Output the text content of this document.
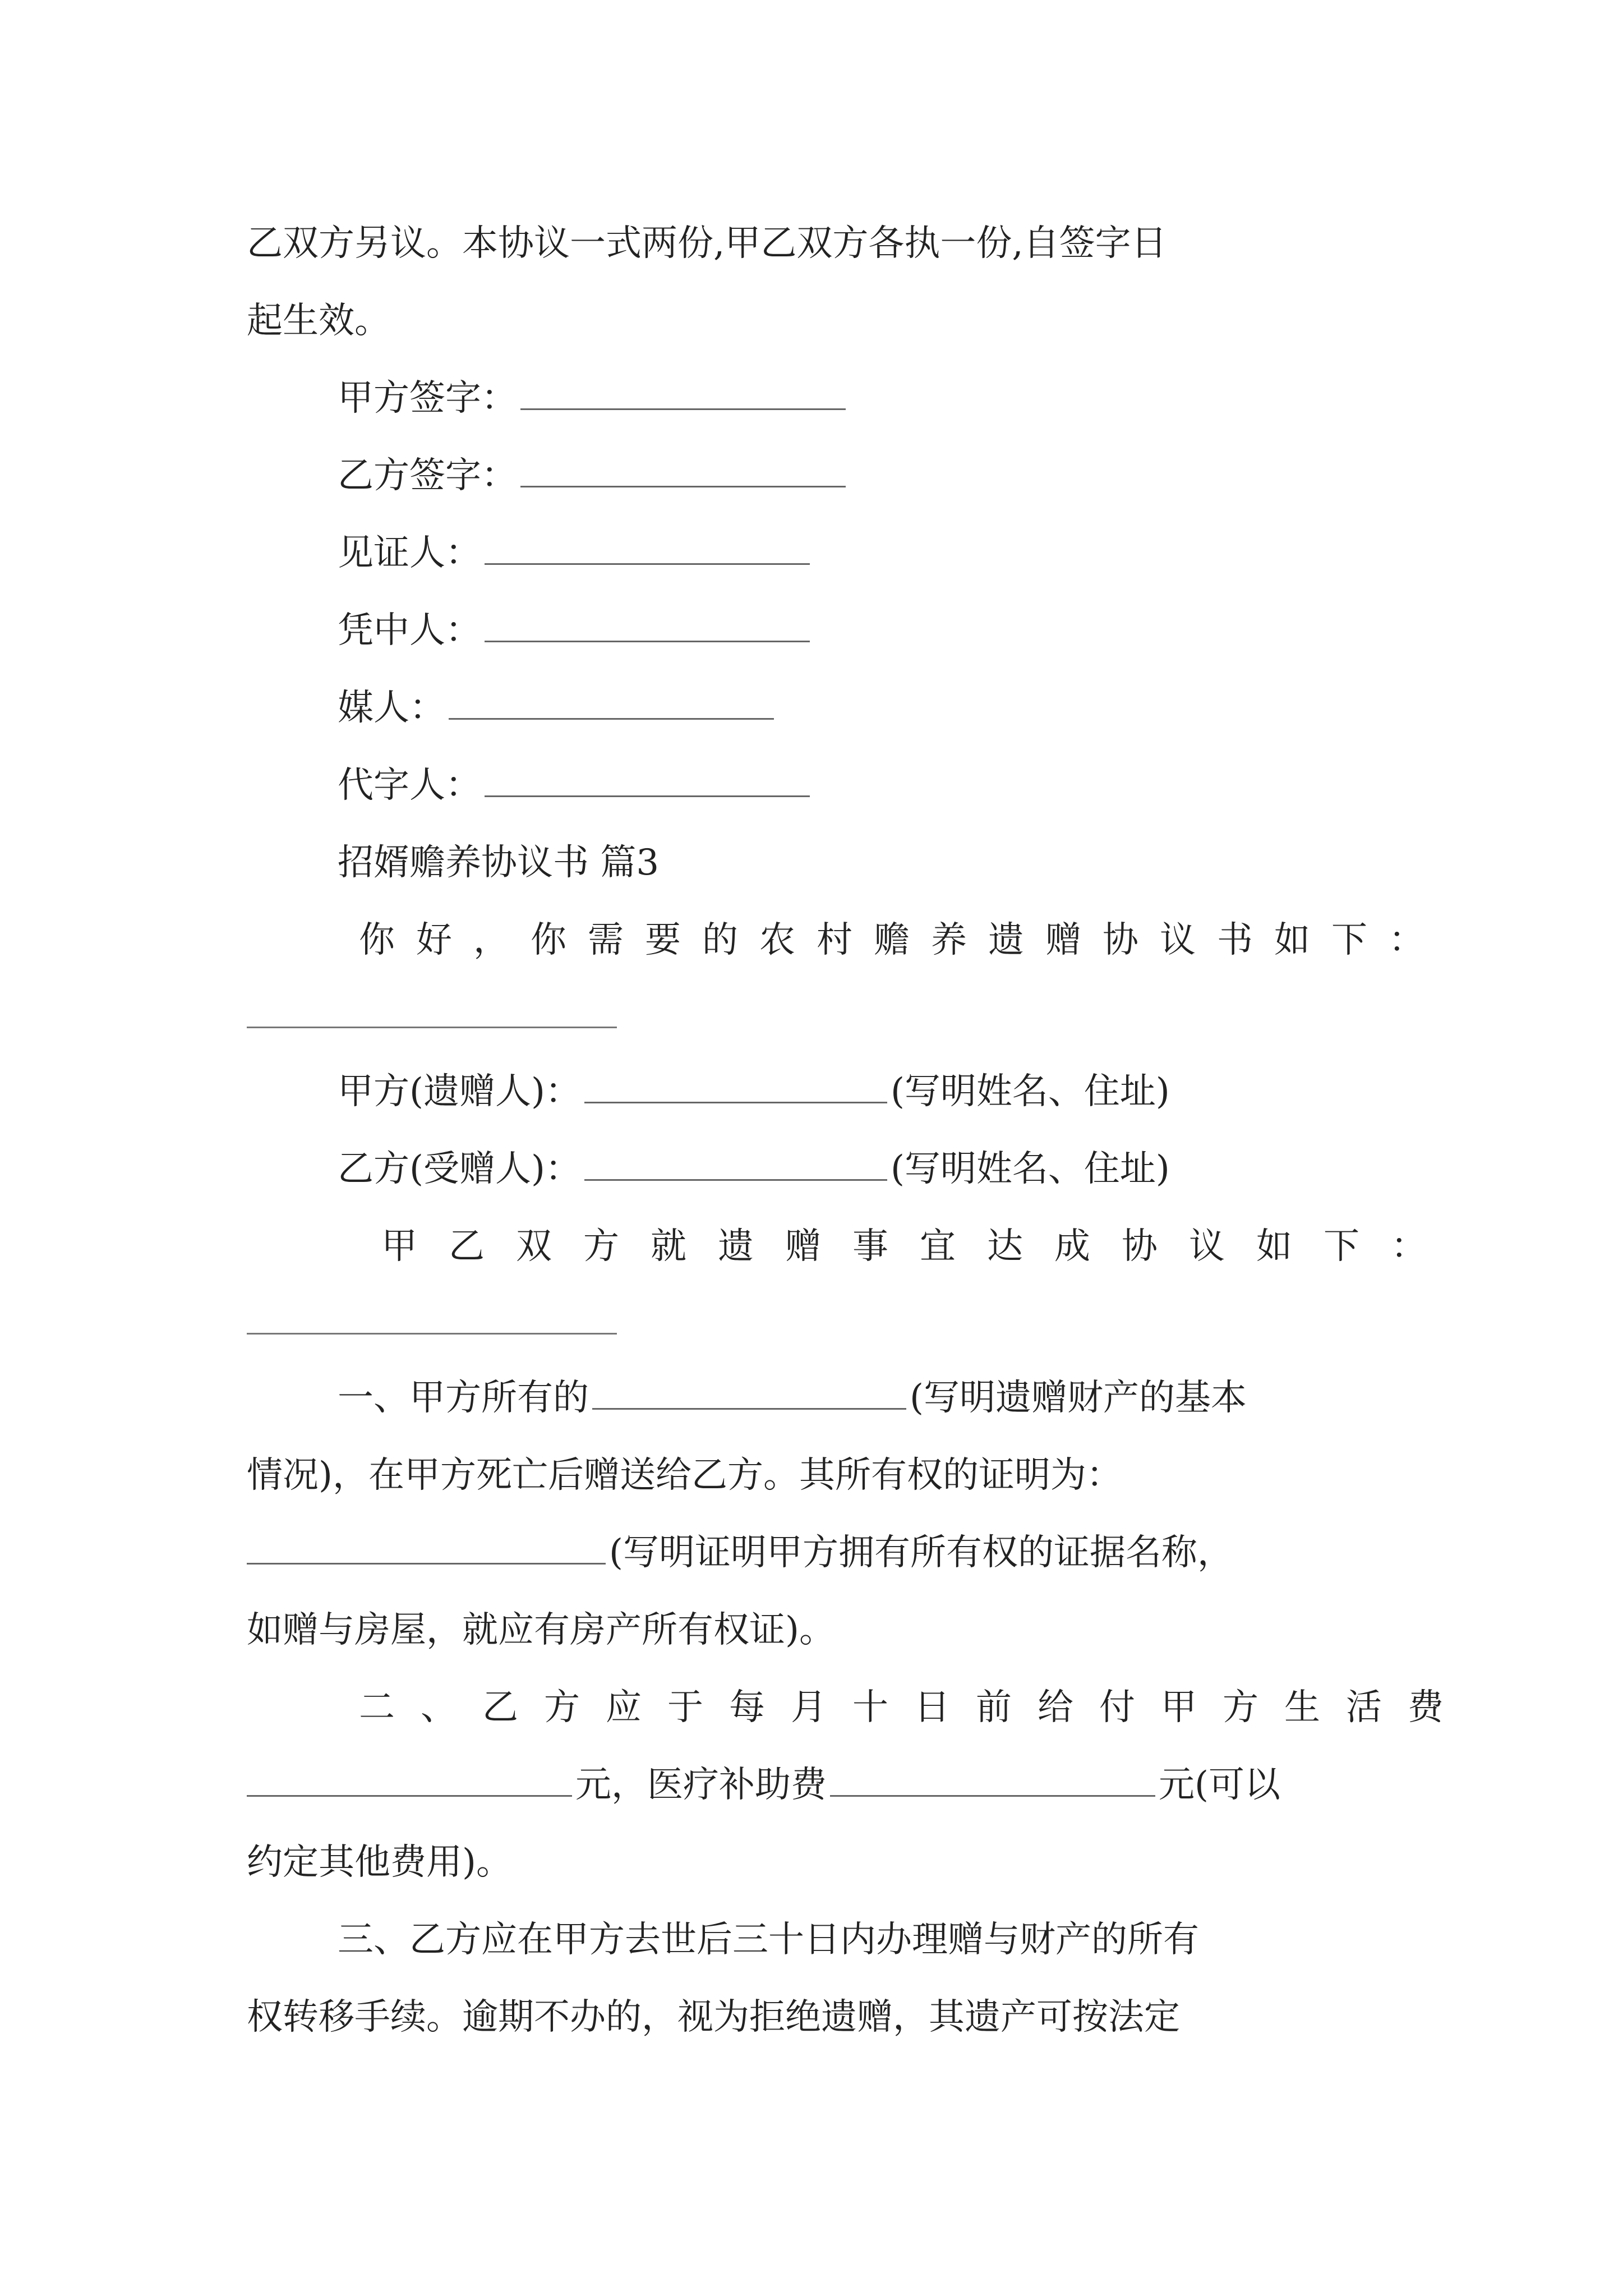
乙双方另议。本协议一式两份,甲乙双方各执一份,自签字日
起生效。
甲方签字：
乙方签字：
见证人：
凭中人：
媒人：
代字人：
招婿赡养协议书 篇3
你好，你需要的农村赡养遗赠协议书如下：
甲方(遗赠人)：	(写明姓名、住址)
乙方(受赠人)：	(写明姓名、住址)
甲乙双方就遗赠事宜达成协议如下：
一、甲方所有的	(写明遗赠财产的基本
情况)，在甲方死亡后赠送给乙方。其所有权的证明为：
(写明证明甲方拥有所有权的证据名称，
如赠与房屋，就应有房产所有权证)。
二、乙方应于每月十日前给付甲方生活费
元，医疗补助费	元(可以
约定其他费用)。
三、乙方应在甲方去世后三十日内办理赠与财产的所有
权转移手续。逾期不办的，视为拒绝遗赠，其遗产可按法定
